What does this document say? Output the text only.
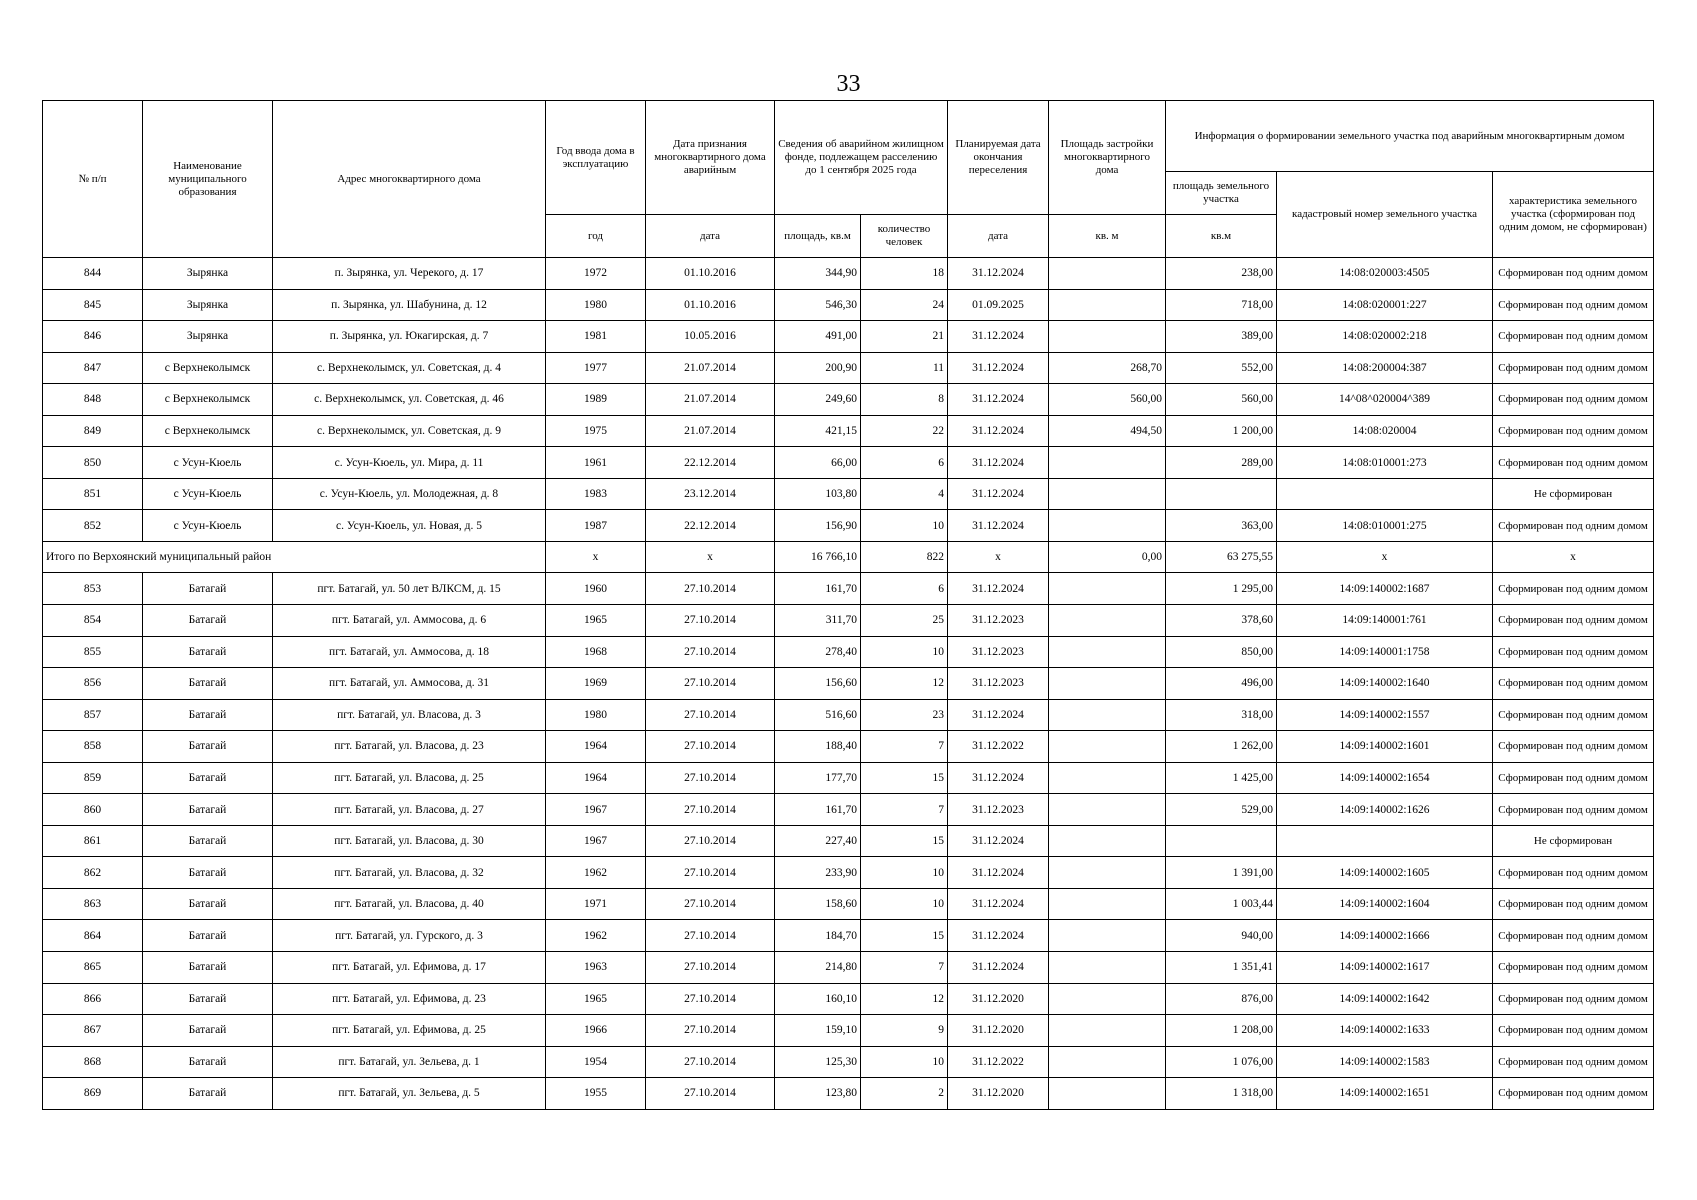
33
№ п/п	Наименование муниципального образования	Адрес многоквартирного дома	Год ввода дома в эксплуатацию	Дата признания многоквартирного дома аварийным	Сведения об аварийном жилищном фонде, подлежащем расселению до 1 сентября 2025 года		Планируемая дата окончания переселения	Площадь застройки многоквартирного дома	Информация о формировании земельного участка под аварийным многоквартирным домом		
									площадь земельного участка	кадастровый номер земельного участка	характеристика земельного участка (сформирован под одним домом, не сформирован)
			год	дата	площадь, кв.м	количество человек	дата	кв. м	кв.м		
844	Зырянка	п. Зырянка, ул. Черекого, д. 17	1972	01.10.2016	344,90	18	31.12.2024		238,00	14:08:020003:4505	Сформирован под одним домом
845	Зырянка	п. Зырянка, ул. Шабунина, д. 12	1980	01.10.2016	546,30	24	01.09.2025		718,00	14:08:020001:227	Сформирован под одним домом
846	Зырянка	п. Зырянка, ул. Юкагирская, д. 7	1981	10.05.2016	491,00	21	31.12.2024		389,00	14:08:020002:218	Сформирован под одним домом
847	с Верхнеколымск	с. Верхнеколымск, ул. Советская, д. 4	1977	21.07.2014	200,90	11	31.12.2024	268,70	552,00	14:08:200004:387	Сформирован под одним домом
848	с Верхнеколымск	с. Верхнеколымск, ул. Советская, д. 46	1989	21.07.2014	249,60	8	31.12.2024	560,00	560,00	14^08^020004^389	Сформирован под одним домом
849	с Верхнеколымск	с. Верхнеколымск, ул. Советская, д. 9	1975	21.07.2014	421,15	22	31.12.2024	494,50	1 200,00	14:08:020004	Сформирован под одним домом
850	с Усун-Кюель	с. Усун-Кюель, ул. Мира, д. 11	1961	22.12.2014	66,00	6	31.12.2024		289,00	14:08:010001:273	Сформирован под одним домом
851	с Усун-Кюель	с. Усун-Кюель, ул. Молодежная, д. 8	1983	23.12.2014	103,80	4	31.12.2024				Не сформирован
852	с Усун-Кюель	с. Усун-Кюель, ул. Новая, д. 5	1987	22.12.2014	156,90	10	31.12.2024		363,00	14:08:010001:275	Сформирован под одним домом
Итого по Верхоянский муниципальный район			х	х	16 766,10	822	х	0,00	63 275,55	х	х
853	Батагай	пгт. Батагай, ул. 50 лет ВЛКСМ, д. 15	1960	27.10.2014	161,70	6	31.12.2024		1 295,00	14:09:140002:1687	Сформирован под одним домом
854	Батагай	пгт. Батагай, ул. Аммосова, д. 6	1965	27.10.2014	311,70	25	31.12.2023		378,60	14:09:140001:761	Сформирован под одним домом
855	Батагай	пгт. Батагай, ул. Аммосова, д. 18	1968	27.10.2014	278,40	10	31.12.2023		850,00	14:09:140001:1758	Сформирован под одним домом
856	Батагай	пгт. Батагай, ул. Аммосова, д. 31	1969	27.10.2014	156,60	12	31.12.2023		496,00	14:09:140002:1640	Сформирован под одним домом
857	Батагай	пгт. Батагай, ул. Власова, д. 3	1980	27.10.2014	516,60	23	31.12.2024		318,00	14:09:140002:1557	Сформирован под одним домом
858	Батагай	пгт. Батагай, ул. Власова, д. 23	1964	27.10.2014	188,40	7	31.12.2022		1 262,00	14:09:140002:1601	Сформирован под одним домом
859	Батагай	пгт. Батагай, ул. Власова, д. 25	1964	27.10.2014	177,70	15	31.12.2024		1 425,00	14:09:140002:1654	Сформирован под одним домом
860	Батагай	пгт. Батагай, ул. Власова, д. 27	1967	27.10.2014	161,70	7	31.12.2023		529,00	14:09:140002:1626	Сформирован под одним домом
861	Батагай	пгт. Батагай, ул. Власова, д. 30	1967	27.10.2014	227,40	15	31.12.2024				Не сформирован
862	Батагай	пгт. Батагай, ул. Власова, д. 32	1962	27.10.2014	233,90	10	31.12.2024		1 391,00	14:09:140002:1605	Сформирован под одним домом
863	Батагай	пгт. Батагай, ул. Власова, д. 40	1971	27.10.2014	158,60	10	31.12.2024		1 003,44	14:09:140002:1604	Сформирован под одним домом
864	Батагай	пгт. Батагай, ул. Гурского, д. 3	1962	27.10.2014	184,70	15	31.12.2024		940,00	14:09:140002:1666	Сформирован под одним домом
865	Батагай	пгт. Батагай, ул. Ефимова, д. 17	1963	27.10.2014	214,80	7	31.12.2024		1 351,41	14:09:140002:1617	Сформирован под одним домом
866	Батагай	пгт. Батагай, ул. Ефимова, д. 23	1965	27.10.2014	160,10	12	31.12.2020		876,00	14:09:140002:1642	Сформирован под одним домом
867	Батагай	пгт. Батагай, ул. Ефимова, д. 25	1966	27.10.2014	159,10	9	31.12.2020		1 208,00	14:09:140002:1633	Сформирован под одним домом
868	Батагай	пгт. Батагай, ул. Зельева, д. 1	1954	27.10.2014	125,30	10	31.12.2022		1 076,00	14:09:140002:1583	Сформирован под одним домом
869	Батагай	пгт. Батагай, ул. Зельева, д. 5	1955	27.10.2014	123,80	2	31.12.2020		1 318,00	14:09:140002:1651	Сформирован под одним домом
